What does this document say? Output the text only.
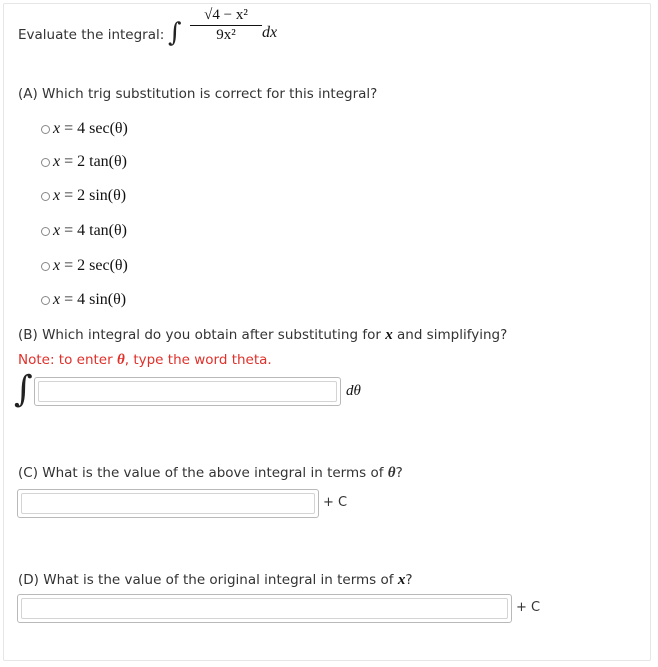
Evaluate the integral: ∫ $\frac{\text{√4 − x²}}{\text{9x²}}$ dx
(A) Which trig substitution is correct for this integral?
x = 4 sec(θ)
x = 2 tan(θ)
x = 2 sin(θ)
x = 4 tan(θ)
x = 2 sec(θ)
x = 4 sin(θ)
(B) Which integral do you obtain after substituting for x and simplifying?
Note: to enter θ, type the word theta.
∫	dθ
(C) What is the value of the above integral in terms of θ?
+ C
(D) What is the value of the original integral in terms of x?
+ C
